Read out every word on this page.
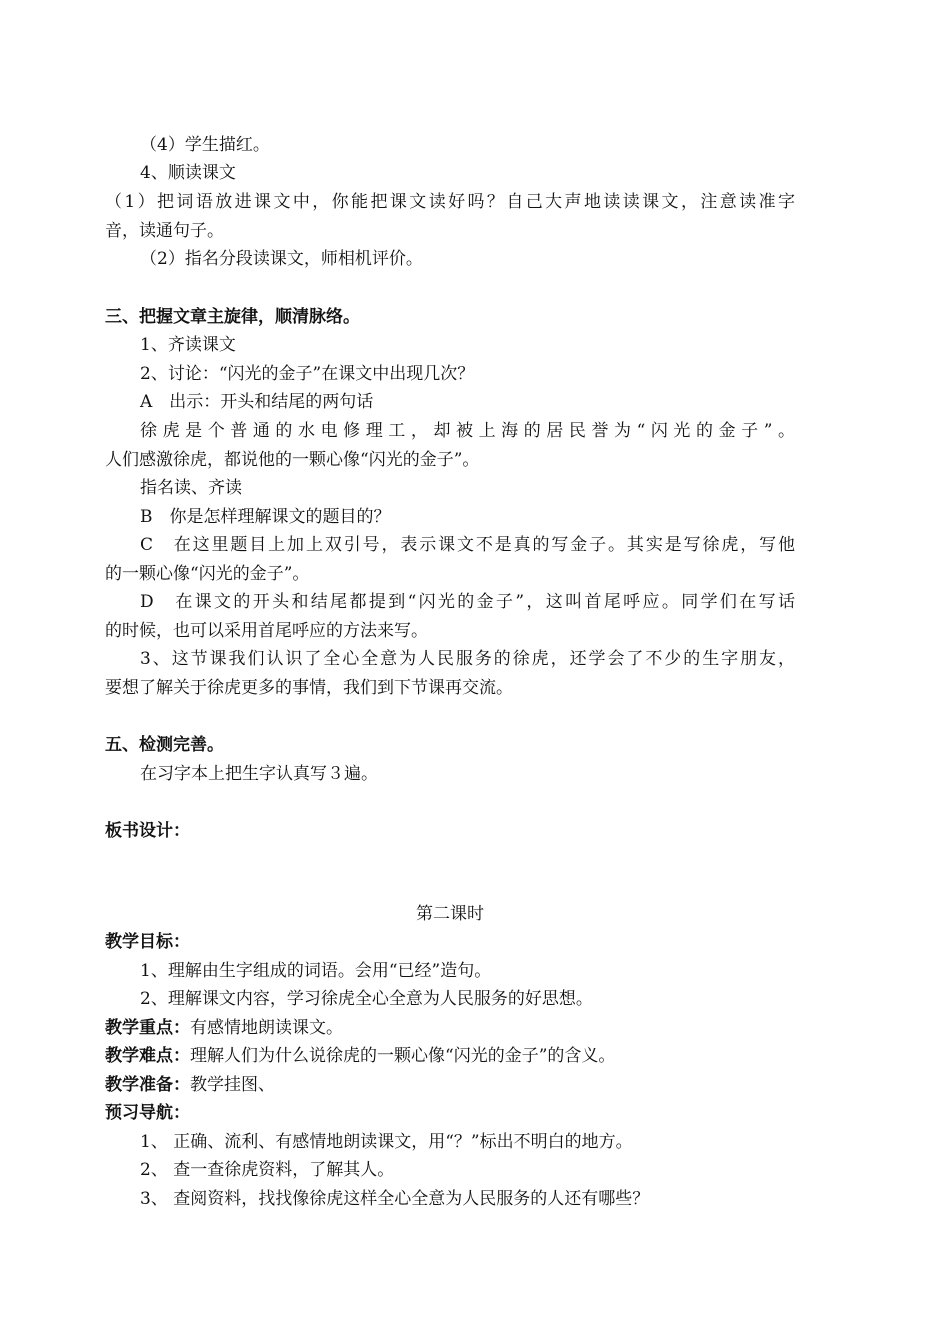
（4）学生描红。
4、顺读课文
（1）把词语放进课文中，你能把课文读好吗？自己大声地读读课文，注意读准字
音，读通句子。
（2）指名分段读课文，师相机评价。
三、把握文章主旋律，顺清脉络。
1、齐读课文
2、讨论：“闪光的金子”在课文中出现几次？
A　出示：开头和结尾的两句话
徐虎是个普通的水电修理工，却被上海的居民誉为“闪光的金子”。
人们感激徐虎，都说他的一颗心像“闪光的金子”。
指名读、齐读
B　你是怎样理解课文的题目的？
C　在这里题目上加上双引号，表示课文不是真的写金子。其实是写徐虎，写他
的一颗心像“闪光的金子”。
D　在课文的开头和结尾都提到“闪光的金子”，这叫首尾呼应。同学们在写话
的时候，也可以采用首尾呼应的方法来写。
3、这节课我们认识了全心全意为人民服务的徐虎，还学会了不少的生字朋友，
要想了解关于徐虎更多的事情，我们到下节课再交流。
五、检测完善。
在习字本上把生字认真写３遍。
板书设计：
第二课时
教学目标：
1、理解由生字组成的词语。会用“已经”造句。
2、理解课文内容，学习徐虎全心全意为人民服务的好思想。
教学重点：有感情地朗读课文。
教学难点：理解人们为什么说徐虎的一颗心像“闪光的金子”的含义。
教学准备：教学挂图、
预习导航：
1、 正确、流利、有感情地朗读课文，用“？”标出不明白的地方。
2、 查一查徐虎资料，了解其人。
3、 查阅资料，找找像徐虎这样全心全意为人民服务的人还有哪些？
